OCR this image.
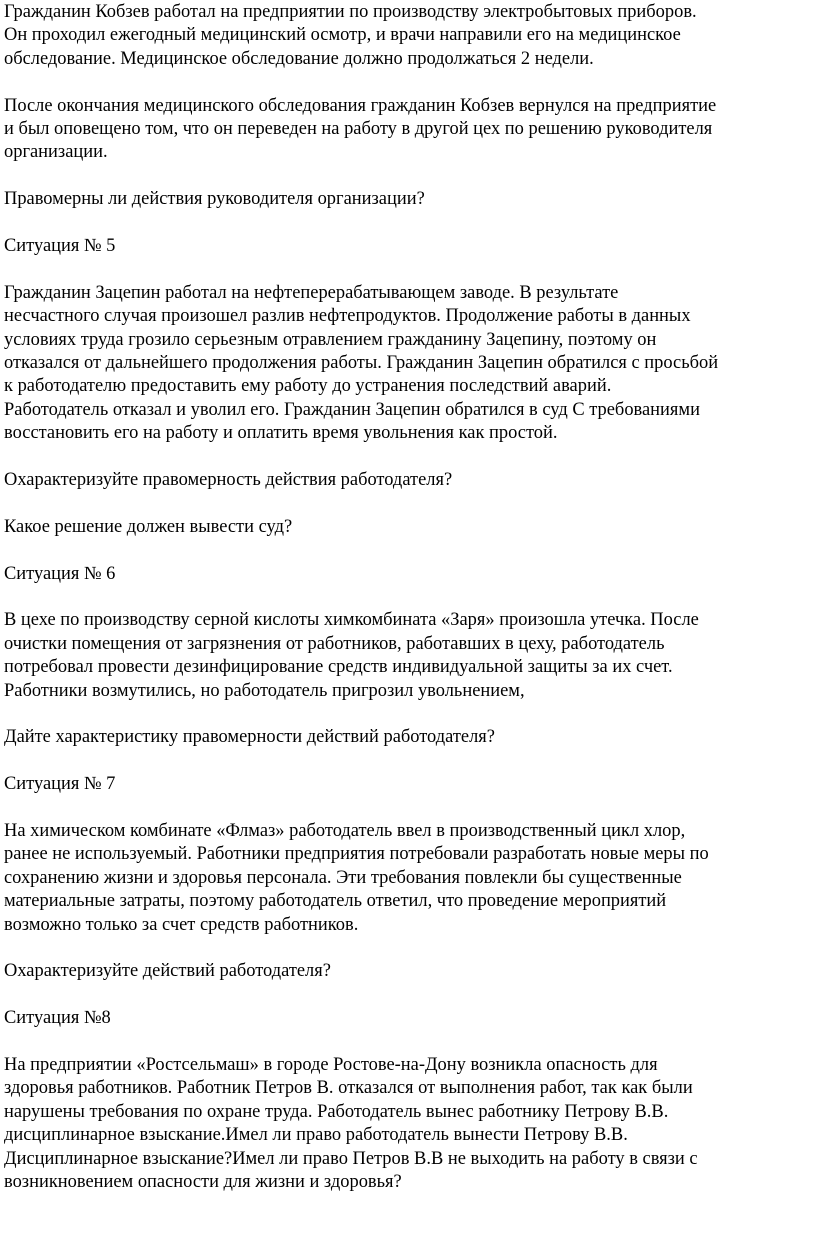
Гражданин Кобзев работал на предприятии по производству электробытовых приборов.
Он проходил ежегодный медицинский осмотр, и врачи направили его на медицинское
обследование. Медицинское обследование должно продолжаться 2 недели.

После окончания медицинского обследования гражданин Кобзев вернулся на предприятие
и был оповещено том, что он переведен на работу в другой цех по решению руководителя
организации.

Правомерны ли действия руководителя организации?

Ситуация № 5

Гражданин Зацепин работал на нефтеперерабатывающем заводе. В результате
несчастного случая произошел разлив нефтепродуктов. Продолжение работы в данных
условиях труда грозило серьезным отравлением гражданину Зацепину, поэтому он
отказался от дальнейшего продолжения работы. Гражданин Зацепин обратился с просьбой
к работодателю предоставить ему работу до устранения последствий аварий.
Работодатель отказал и уволил его. Гражданин Зацепин обратился в суд С требованиями
восстановить его на работу и оплатить время увольнения как простой.

Охарактеризуйте правомерность действия работодателя?

Какое решение должен вывести суд?

Ситуация № 6

В цехе по производству серной кислоты химкомбината «Заря» произошла утечка. После
очистки помещения от загрязнения от работников, работавших в цеху, работодатель
потребовал провести дезинфицирование средств индивидуальной защиты за их счет.
Работники возмутились, но работодатель пригрозил увольнением,

Дайте характеристику правомерности действий работодателя?

Ситуация № 7

На химическом комбинате «Флмаз» работодатель ввел в производственный цикл хлор,
ранее не используемый. Работники предприятия потребовали разработать новые меры по
сохранению жизни и здоровья персонала. Эти требования повлекли бы существенные
материальные затраты, поэтому работодатель ответил, что проведение мероприятий
возможно только за счет средств работников.

Охарактеризуйте действий работодателя?

Ситуация №8

На предприятии «Ростсельмаш» в городе Ростове-на-Дону возникла опасность для
здоровья работников. Работник Петров В. отказался от выполнения работ, так как были
нарушены требования по охране труда. Работодатель вынес работнику Петрову В.В.
дисциплинарное взыскание.Имел ли право работодатель вынести Петрову В.В.
Дисциплинарное взыскание?Имел ли право Петров В.В не выходить на работу в связи с
возникновением опасности для жизни и здоровья?
